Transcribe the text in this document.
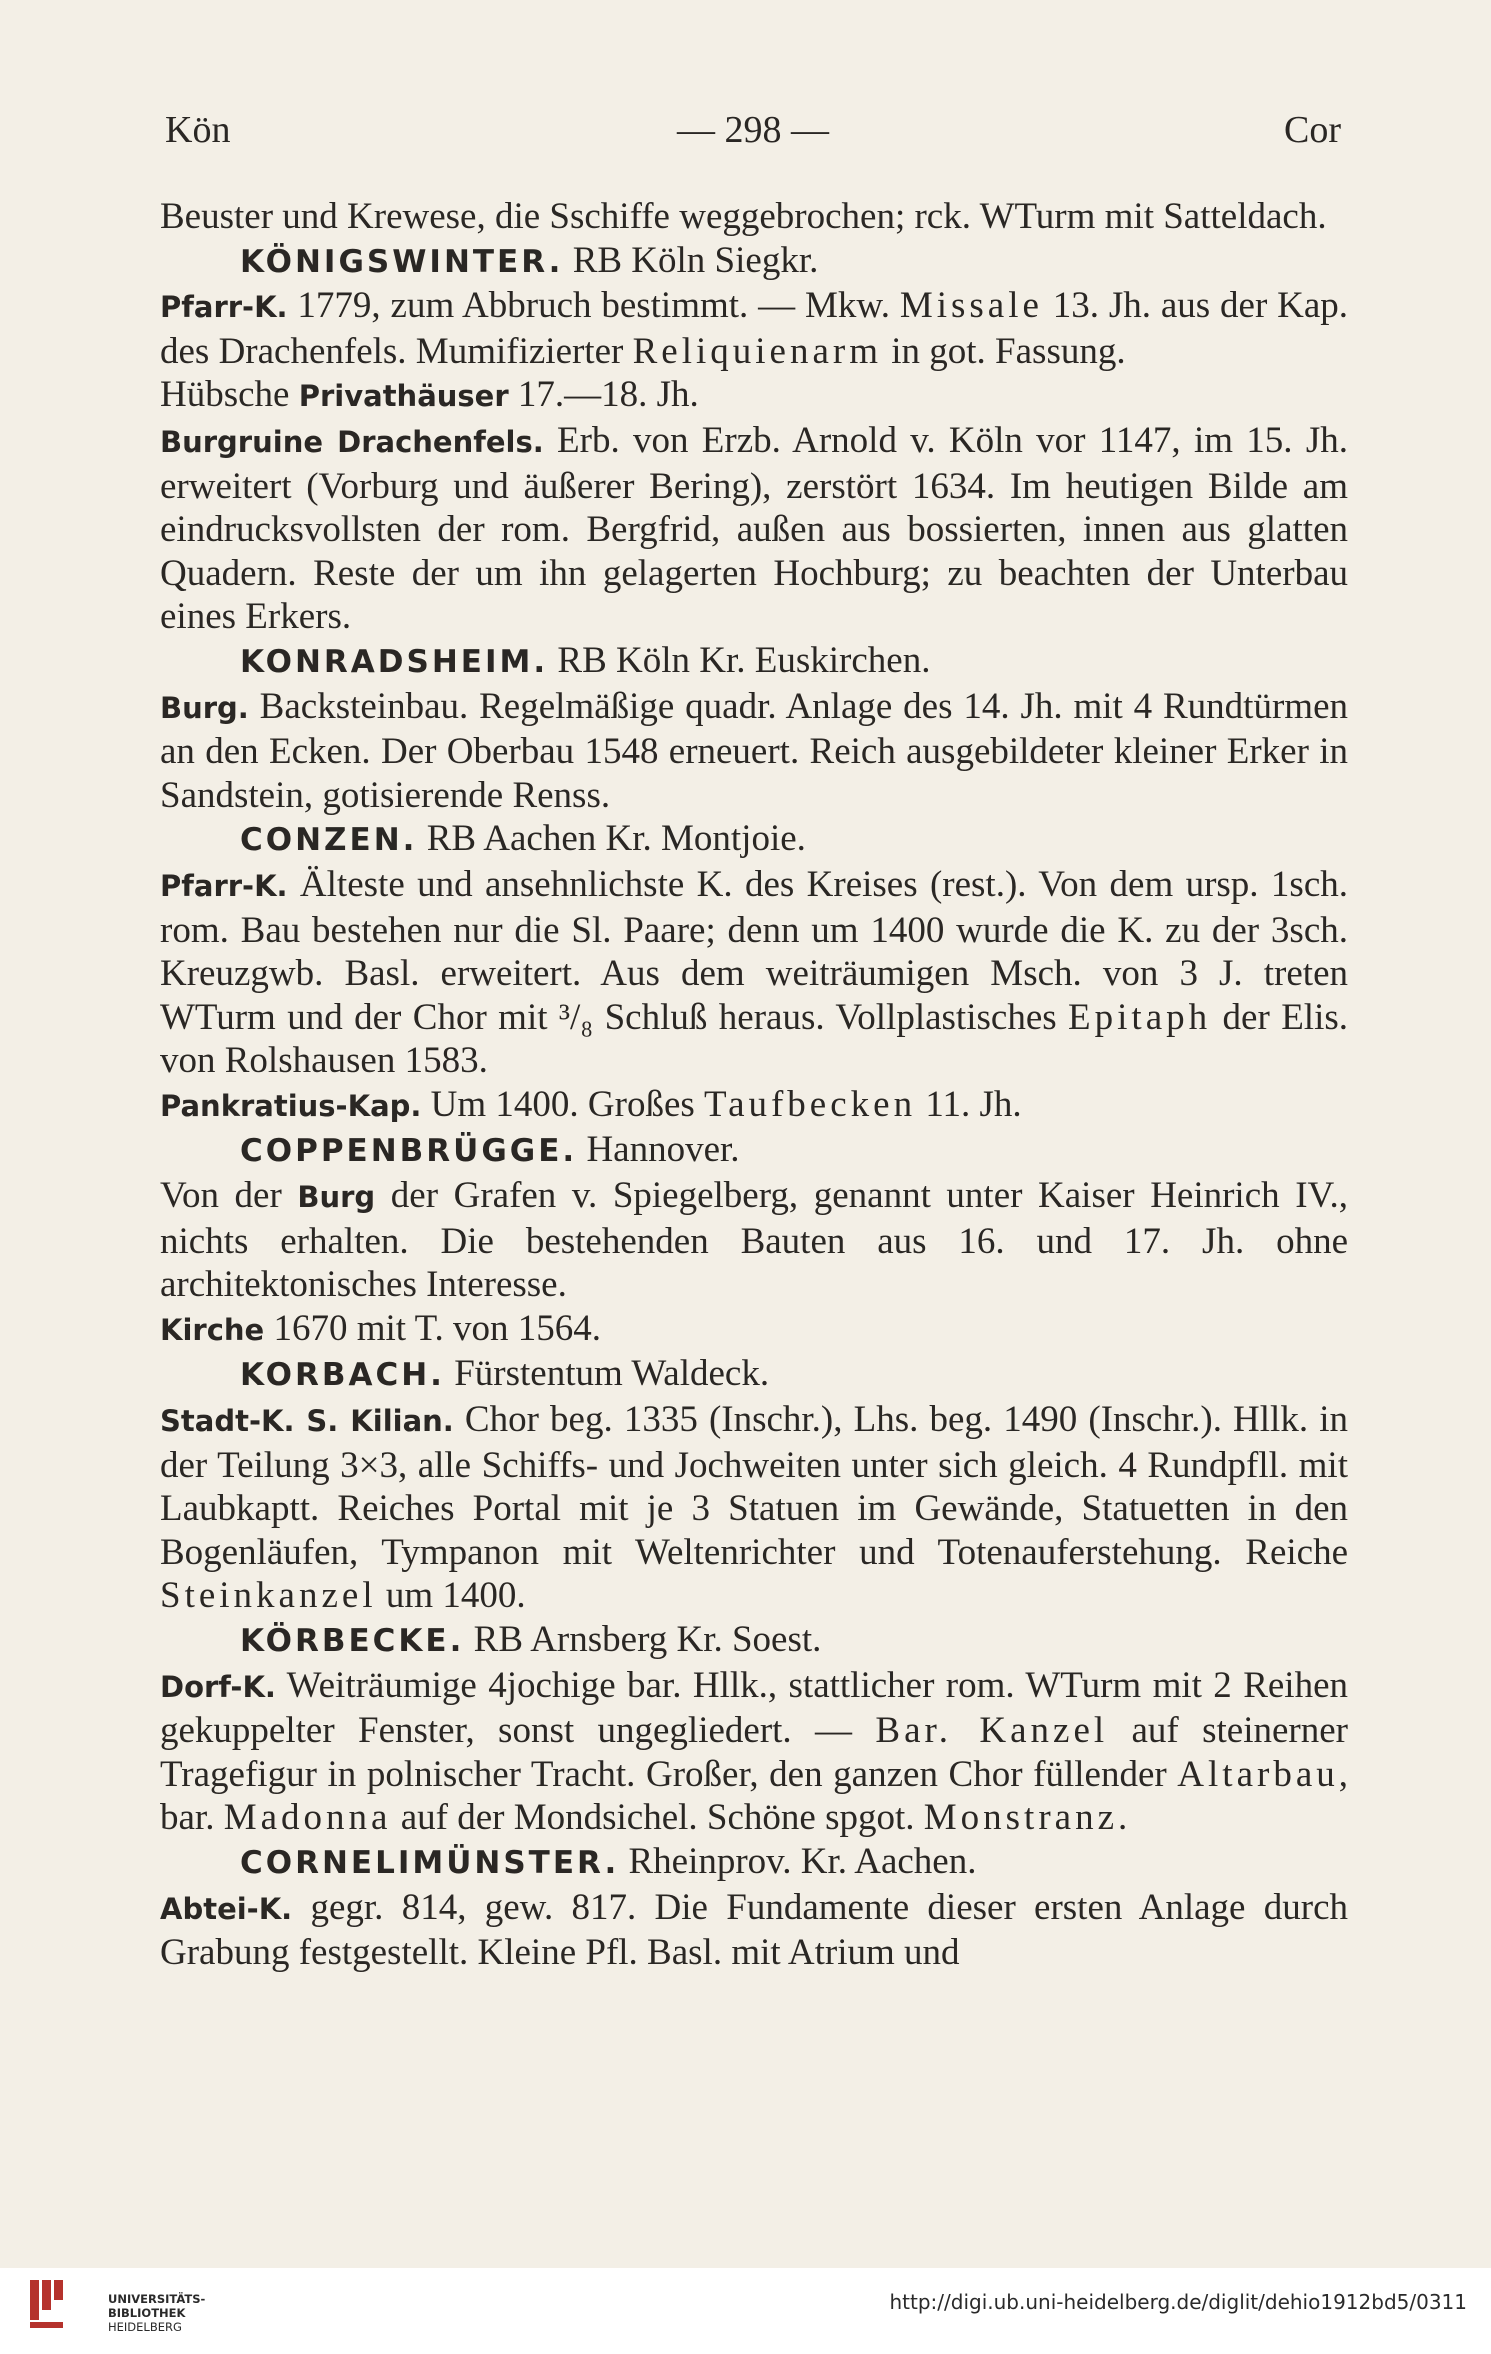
Kön	— 298 —	Cor
Beuster und Krewese, die Sschiffe weggebrochen; rck. WTurm mit Satteldach.
KÖNIGSWINTER. RB Köln Siegkr.
Pfarr-K. 1779, zum Abbruch bestimmt. — Mkw. Missale 13. Jh. aus der Kap. des Drachenfels. Mumifizierter Reliquienarm in got. Fassung.
Hübsche Privathäuser 17.—18. Jh.
Burgruine Drachenfels. Erb. von Erzb. Arnold v. Köln vor 1147, im 15. Jh. erweitert (Vorburg und äußerer Bering), zerstört 1634. Im heutigen Bilde am eindrucksvollsten der rom. Bergfrid, außen aus bossierten, innen aus glatten Quadern. Reste der um ihn gelagerten Hochburg; zu beachten der Unterbau eines Erkers.
KONRADSHEIM. RB Köln Kr. Euskirchen.
Burg. Backsteinbau. Regelmäßige quadr. Anlage des 14. Jh. mit 4 Rundtürmen an den Ecken. Der Oberbau 1548 erneuert. Reich ausgebildeter kleiner Erker in Sandstein, gotisierende Renss.
CONZEN. RB Aachen Kr. Montjoie.
Pfarr-K. Älteste und ansehnlichste K. des Kreises (rest.). Von dem ursp. 1sch. rom. Bau bestehen nur die Sl. Paare; denn um 1400 wurde die K. zu der 3sch. Kreuzgwb. Basl. erweitert. Aus dem weiträumigen Msch. von 3 J. treten WTurm und der Chor mit ³/₈ Schluß heraus. Vollplastisches Epitaph der Elis. von Rolshausen 1583.
Pankratius-Kap. Um 1400. Großes Taufbecken 11. Jh.
COPPENBRÜGGE. Hannover.
Von der Burg der Grafen v. Spiegelberg, genannt unter Kaiser Heinrich IV., nichts erhalten. Die bestehenden Bauten aus 16. und 17. Jh. ohne architektonisches Interesse.
Kirche 1670 mit T. von 1564.
KORBACH. Fürstentum Waldeck.
Stadt-K. S. Kilian. Chor beg. 1335 (Inschr.), Lhs. beg. 1490 (Inschr.). Hllk. in der Teilung 3×3, alle Schiffs- und Jochweiten unter sich gleich. 4 Rundpfll. mit Laubkaptt. Reiches Portal mit je 3 Statuen im Gewände, Statuetten in den Bogenläufen, Tympanon mit Weltenrichter und Totenauferstehung. Reiche Steinkanzel um 1400.
KÖRBECKE. RB Arnsberg Kr. Soest.
Dorf-K. Weiträumige 4jochige bar. Hllk., stattlicher rom. WTurm mit 2 Reihen gekuppelter Fenster, sonst ungegliedert. — Bar. Kanzel auf steinerner Tragefigur in polnischer Tracht. Großer, den ganzen Chor füllender Altarbau, bar. Madonna auf der Mondsichel. Schöne spgot. Monstranz.
CORNELIMÜNSTER. Rheinprov. Kr. Aachen.
Abtei-K. gegr. 814, gew. 817. Die Fundamente dieser ersten Anlage durch Grabung festgestellt. Kleine Pfl. Basl. mit Atrium und
UNIVERSITÄTS-
BIBLIOTHEK
HEIDELBERG
http://digi.ub.uni-heidelberg.de/diglit/dehio1912bd5/0311
